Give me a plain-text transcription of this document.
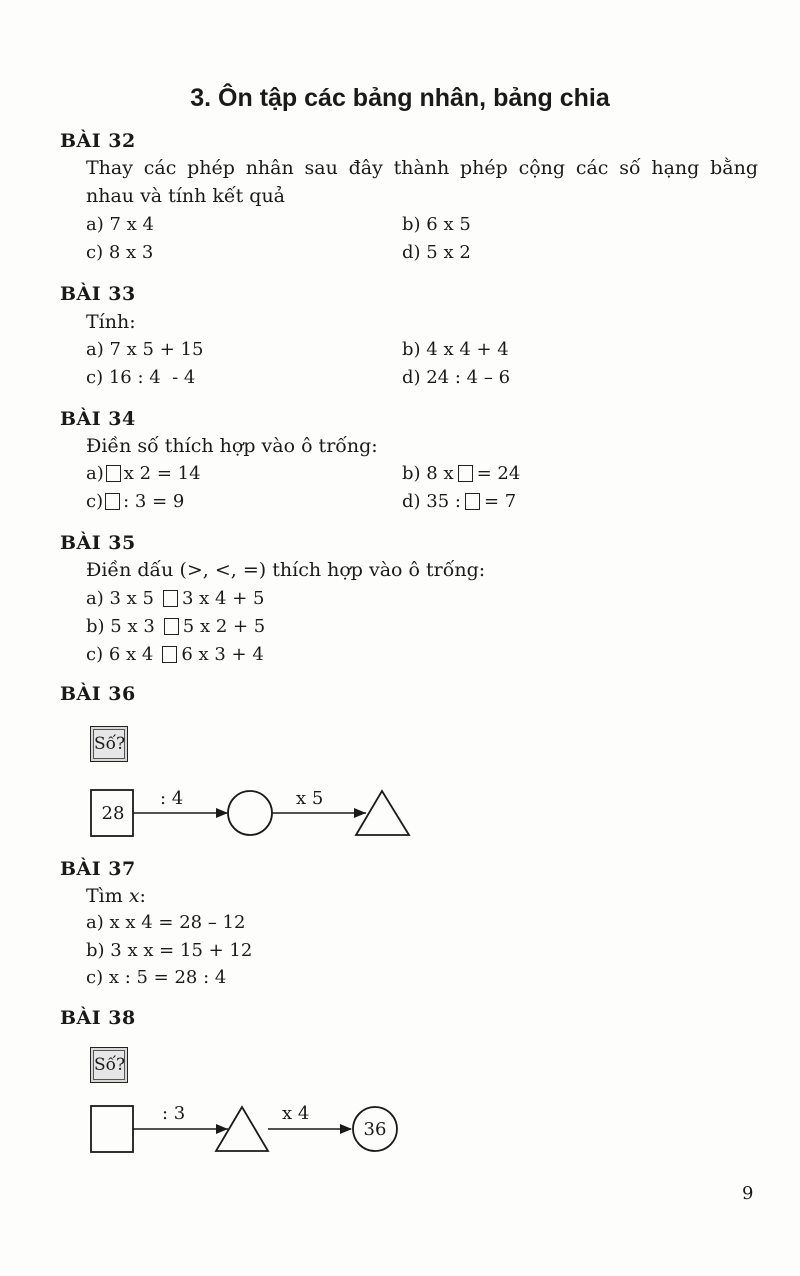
3. Ôn tập các bảng nhân, bảng chia
BÀI 32
Thay các phép nhân sau đây thành phép cộng các số hạng bằng
nhau và tính kết quả
a) 7 x 4	b) 6 x 5
c) 8 x 3	d) 5 x 2
BÀI 33
Tính:
a) 7 x 5 + 15	b) 4 x 4 + 4
c) 16 : 4  - 4	d) 24 : 4 – 6
BÀI 34
Điền số thích hợp vào ô trống:
a) x 2 = 14	b) 8 x = 24
c) : 3 = 9	d) 35 : = 7
BÀI 35
Điền dấu (>, <, =) thích hợp vào ô trống:
a) 3 x 5 3 x 4 + 5
b) 5 x 3 5 x 2 + 5
c) 6 x 4 6 x 3 + 4
BÀI 36
Số?
28
: 4	x 5
BÀI 37
Tìm x:
a) x x 4 = 28 – 12
b) 3 x x = 15 + 12
c) x : 5 = 28 : 4
BÀI 38
Số?
: 3	x 4
36
9
